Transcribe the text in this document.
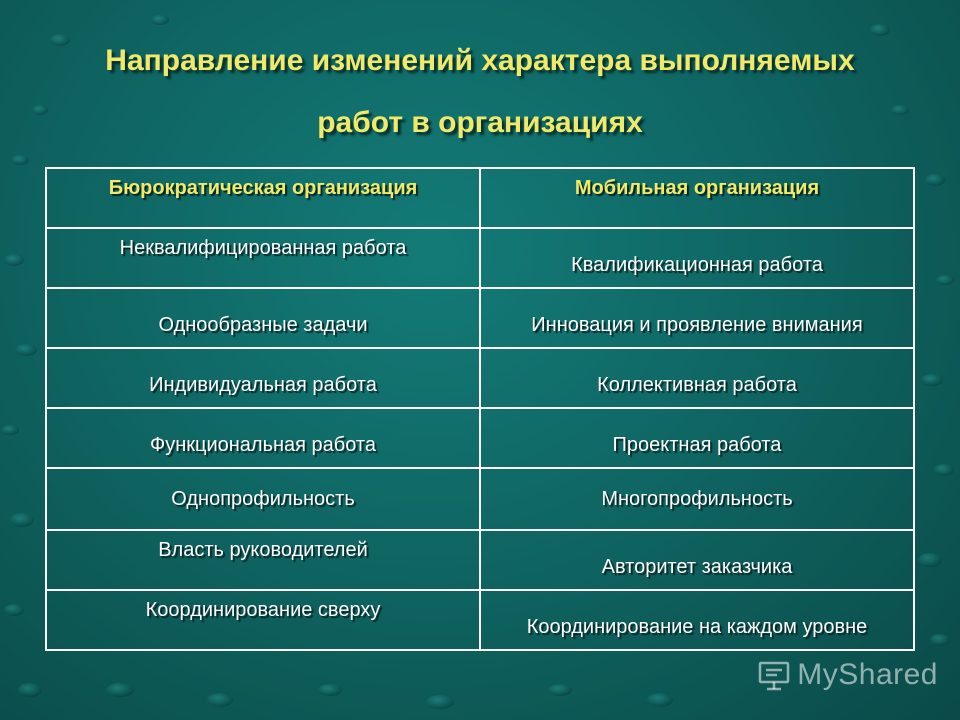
Направление изменений характера выполняемых
работ в организациях
Бюрократическая организация	Мобильная организация
Неквалифицированная работа	Квалификационная работа
Однообразные задачи	Инновация и проявление внимания
Индивидуальная работа	Коллективная работа
Функциональная работа	Проектная работа
Однопрофильность	Многопрофильность
Власть руководителей	Авторитет заказчика
Координирование сверху	Координирование на каждом уровне
MyShared
